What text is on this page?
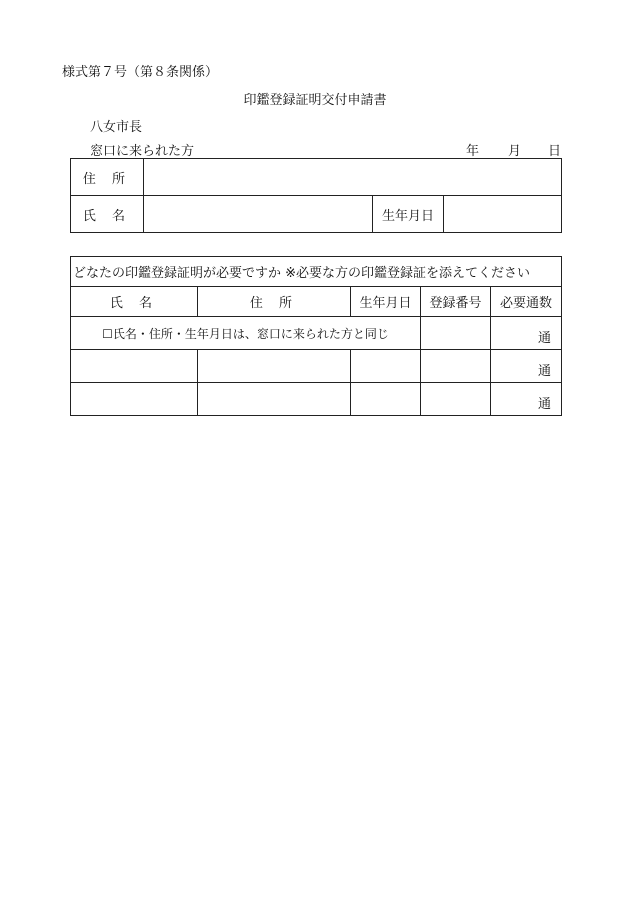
様式第７号（第８条関係）
印鑑登録証明交付申請書
八女市長
窓口に来られた方	年 月 日
住 所			
氏 名		生年月日	
どなたの印鑑登録証明が必要ですか ※必要な方の印鑑登録証を添えてください				
氏 名	住 所	生年月日	登録番号	必要通数
☐氏名・住所・生年月日は、窓口に来られた方と同じ				通
				通
				通
